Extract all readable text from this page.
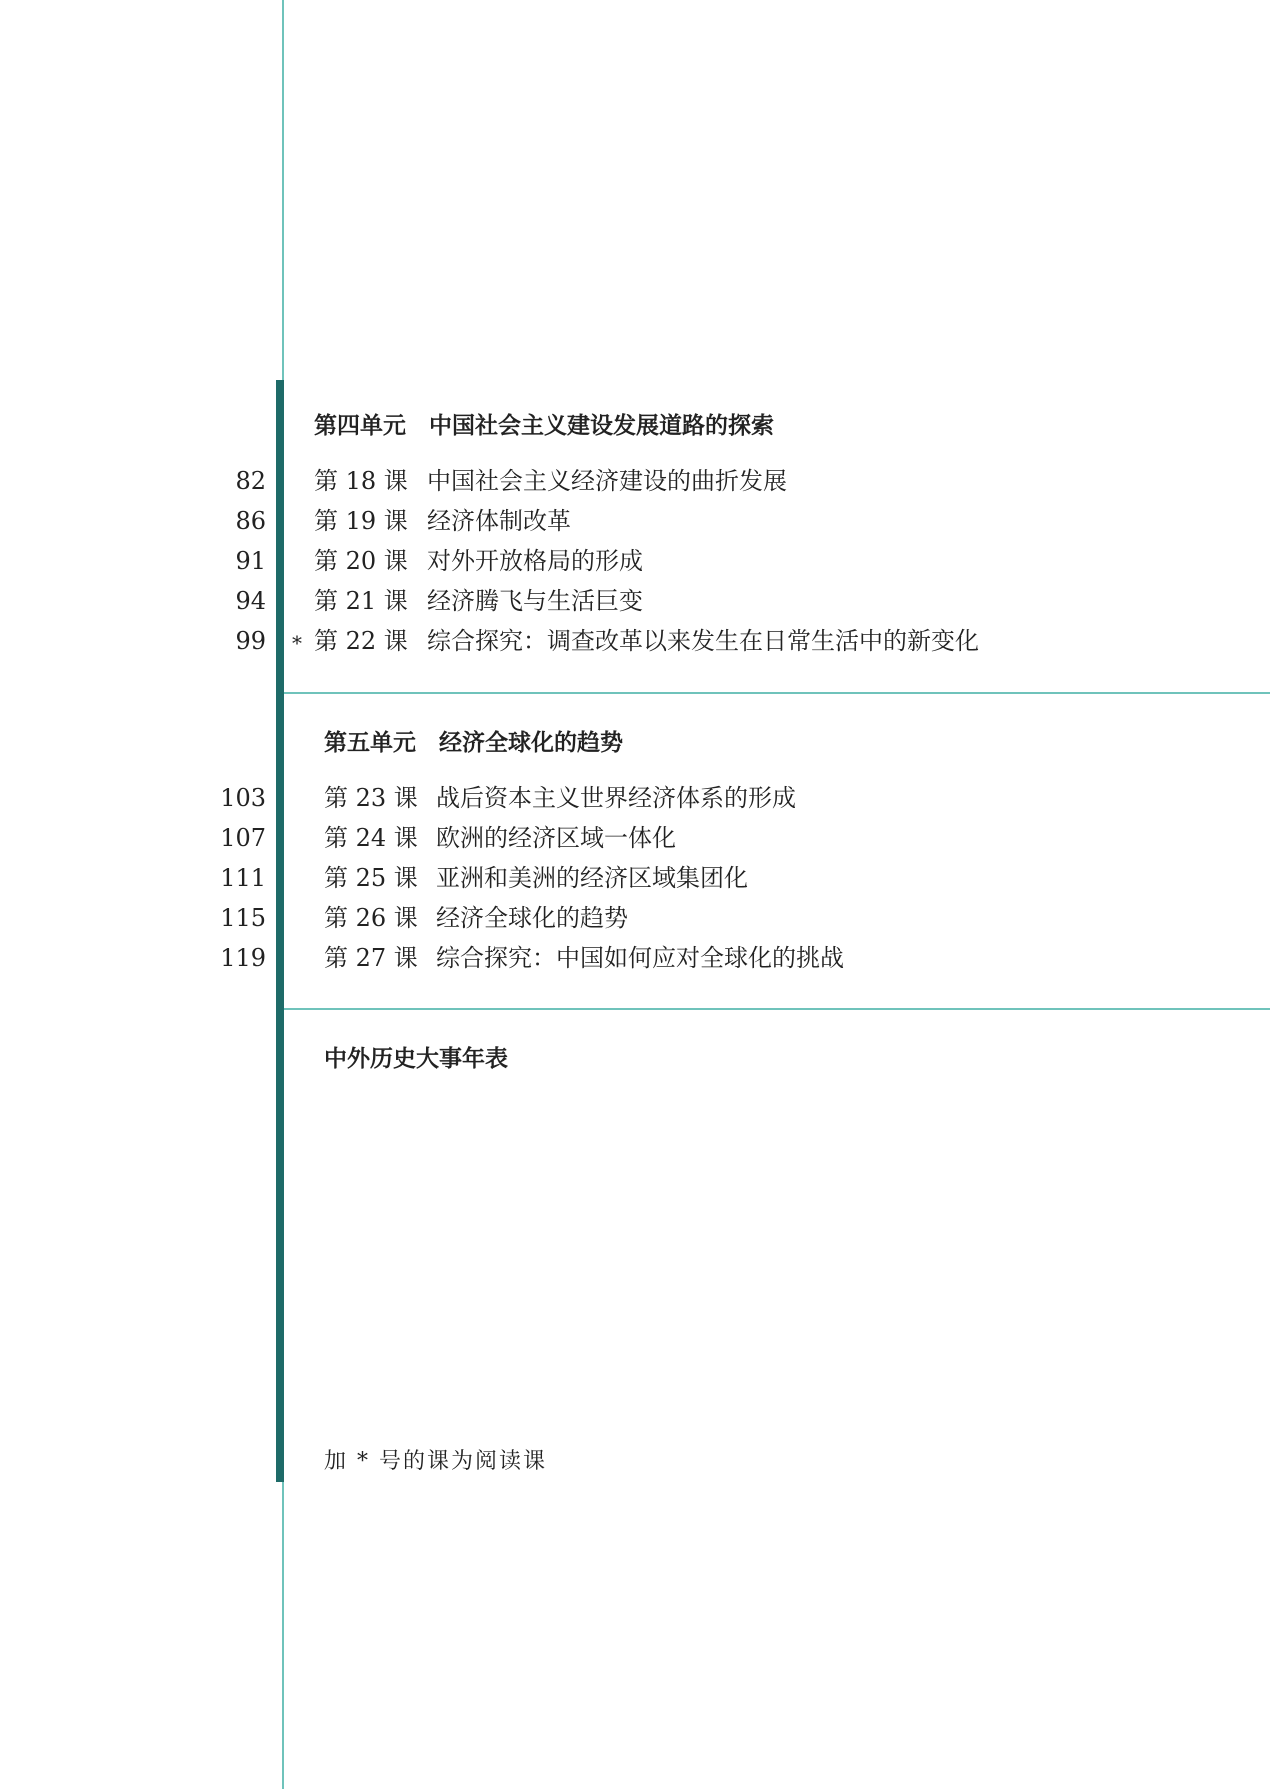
第四单元　中国社会主义建设发展道路的探索
82 第 18 课 中国社会主义经济建设的曲折发展
86 第 19 课 经济体制改革
91 第 20 课 对外开放格局的形成
94 第 21 课 经济腾飞与生活巨变
99 * 第 22 课 综合探究：调查改革以来发生在日常生活中的新变化
第五单元　经济全球化的趋势
103 第 23 课 战后资本主义世界经济体系的形成
107 第 24 课 欧洲的经济区域一体化
111 第 25 课 亚洲和美洲的经济区域集团化
115 第 26 课 经济全球化的趋势
119 第 27 课 综合探究：中国如何应对全球化的挑战
中外历史大事年表

加 * 号的课为阅读课
